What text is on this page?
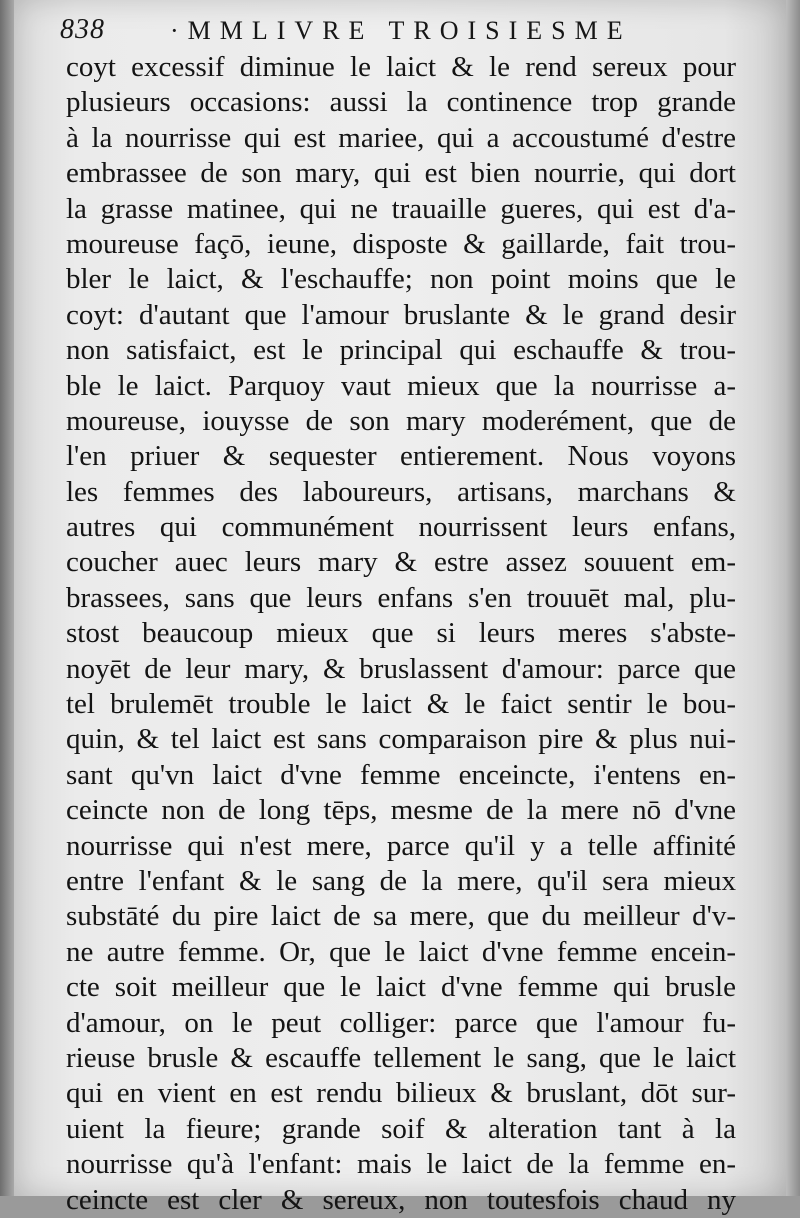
838	·MMLIVRE TROISIESME
coyt excessif diminue le laict & le rend sereux pour
plusieurs occasions: aussi la continence trop grande
à la nourrisse qui est mariee, qui a accoustumé d'estre
embrassee de son mary, qui est bien nourrie, qui dort
la grasse matinee, qui ne trauaille gueres, qui est d'a-
moureuse façō, ieune, disposte & gaillarde, fait trou-
bler le laict, & l'eschauffe; non point moins que le
coyt: d'autant que l'amour bruslante & le grand desir
non satisfaict, est le principal qui eschauffe & trou-
ble le laict. Parquoy vaut mieux que la nourrisse a-
moureuse, iouysse de son mary moderément, que de
l'en priuer & sequester entierement. Nous voyons
les femmes des laboureurs, artisans, marchans &
autres qui communément nourrissent leurs enfans,
coucher auec leurs mary & estre assez souuent em-
brassees, sans que leurs enfans s'en trouuēt mal, plu-
stost beaucoup mieux que si leurs meres s'abste-
noyēt de leur mary, & bruslassent d'amour: parce que
tel brulemēt trouble le laict & le faict sentir le bou-
quin, & tel laict est sans comparaison pire & plus nui-
sant qu'vn laict d'vne femme enceincte, i'entens en-
ceincte non de long tēps, mesme de la mere nō d'vne
nourrisse qui n'est mere, parce qu'il y a telle affinité
entre l'enfant & le sang de la mere, qu'il sera mieux
substāté du pire laict de sa mere, que du meilleur d'v-
ne autre femme. Or, que le laict d'vne femme encein-
cte soit meilleur que le laict d'vne femme qui brusle
d'amour, on le peut colliger: parce que l'amour fu-
rieuse brusle & escauffe tellement le sang, que le laict
qui en vient en est rendu bilieux & bruslant, dōt sur-
uient la fieure; grande soif & alteration tant à la
nourrisse qu'à l'enfant: mais le laict de la femme en-
ceincte est cler & sereux, non toutesfois chaud ny
